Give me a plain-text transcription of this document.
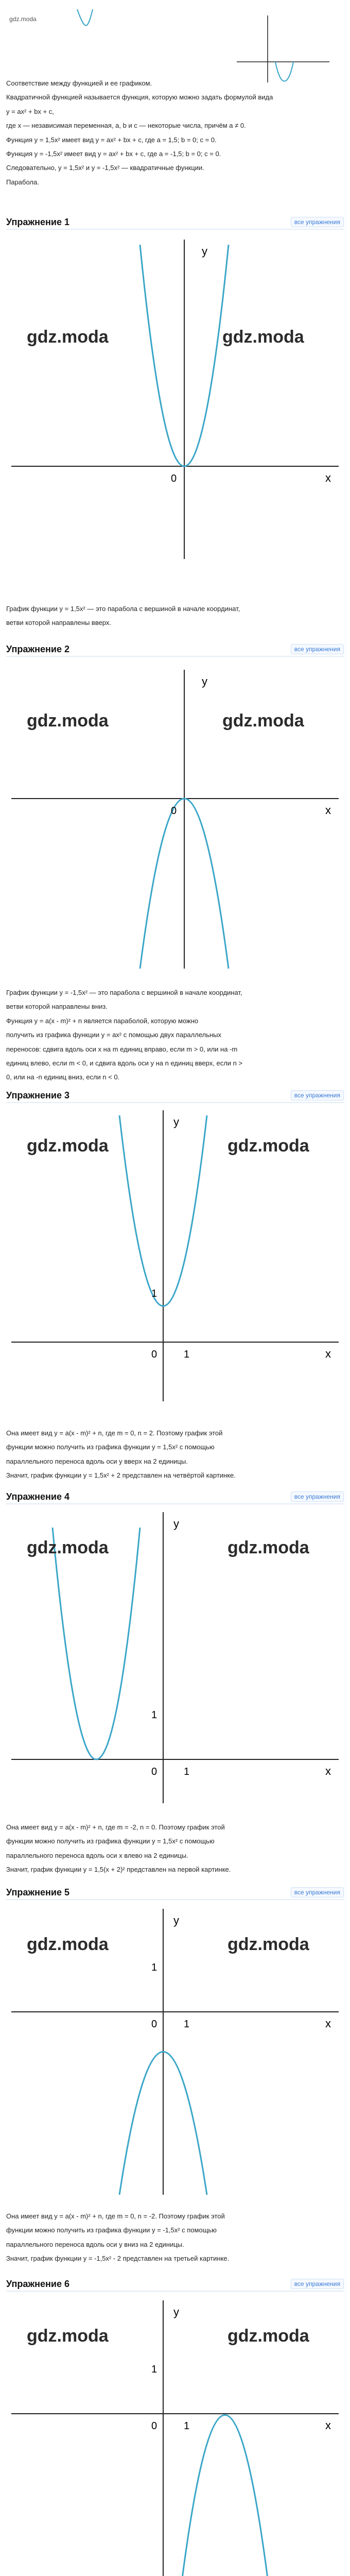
gdz.moda

Соответствие между функцией и ее графиком.

Квадратичной функцией называется функция, которую можно задать формулой вида

y = ax² + bx + c,

где x — независимая переменная, a, b и c — некоторые числа, причём a ≠ 0.

Функция y = 1,5x² имеет вид y = ax² + bx + c, где a = 1,5; b = 0; c = 0.

Функция y = -1,5x² имеет вид y = ax² + bx + c, где a = -1,5; b = 0; c = 0.

Следовательно, y = 1,5x² и y = -1,5x² — квадратичные функции.

Парабола.

Упражнение 1	все упражнения
y
x
0
gdz.moda	gdz.moda

График функции y = 1,5x² — это парабола с вершиной в начале координат,

ветви которой направлены вверх.

Упражнение 2	все упражнения
y
x
0
gdz.moda	gdz.moda

График функции y = -1,5x² — это парабола с вершиной в начале координат,

ветви которой направлены вниз.

Функция y = a(x - m)² + n является параболой, которую можно

получить из графика функции y = ax² с помощью двух параллельных

переносов: сдвига вдоль оси x на m единиц вправо, если m > 0, или на -m

единиц влево, если m < 0, и сдвига вдоль оси y на n единиц вверх, если n >

0, или на -n единиц вниз, если n < 0.

Упражнение 3	все упражнения
y
x
0	1
1
gdz.moda	gdz.moda

Она имеет вид y = a(x - m)² + n, где m = 0, n = 2. Поэтому график этой

функции можно получить из графика функции y = 1,5x² с помощью

параллельного переноса вдоль оси y вверх на 2 единицы.

Значит, график функции y = 1,5x² + 2 представлен на четвёртой картинке.

Упражнение 4	все упражнения
y
x
0	1
1
gdz.moda	gdz.moda

Она имеет вид y = a(x - m)² + n, где m = -2, n = 0. Поэтому график этой

функции можно получить из графика функции y = 1,5x² с помощью

параллельного переноса вдоль оси x влево на 2 единицы.

Значит, график функции y = 1,5(x + 2)² представлен на первой картинке.

Упражнение 5	все упражнения
y
x
0	1
1
gdz.moda	gdz.moda

Она имеет вид y = a(x - m)² + n, где m = 0, n = -2. Поэтому график этой

функции можно получить из графика функции y = -1,5x² с помощью

параллельного переноса вдоль оси y вниз на 2 единицы.

Значит, график функции y = -1,5x² - 2 представлен на третьей картинке.

Упражнение 6	все упражнения
y
x
0	1
1
gdz.moda	gdz.moda
